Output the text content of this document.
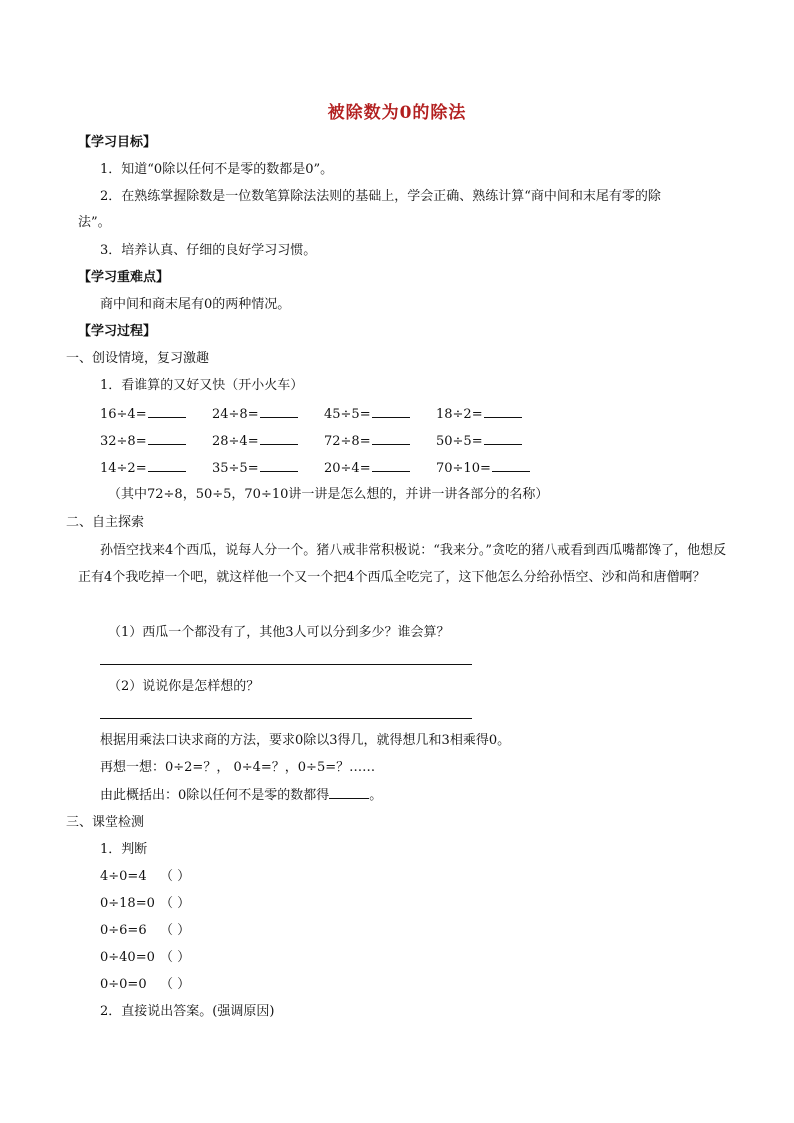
被除数为0的除法
【学习目标】
1．知道“0除以任何不是零的数都是0”。
2．在熟练掌握除数是一位数笔算除法法则的基础上，学会正确、熟练计算“商中间和末尾有零的除
法”。
3．培养认真、仔细的良好学习习惯。
【学习重难点】
商中间和商末尾有0的两种情况。
【学习过程】
一、创设情境，复习激趣
1．看谁算的又好又快（开小火车）
16÷4=	24÷8=	45÷5=	18÷2=
32÷8=	28÷4=	72÷8=	50÷5=
14÷2=	35÷5=	20÷4=	70÷10=
（其中72÷8，50÷5，70÷10讲一讲是怎么想的，并讲一讲各部分的名称）
二、自主探索
孙悟空找来4个西瓜，说每人分一个。猪八戒非常积极说：“我来分。”贪吃的猪八戒看到西瓜嘴都馋了，他想反正有4个我吃掉一个吧，就这样他一个又一个把4个西瓜全吃完了，这下他怎么分给孙悟空、沙和尚和唐僧啊？
（1）西瓜一个都没有了，其他3人可以分到多少？谁会算？
（2）说说你是怎样想的？
根据用乘法口诀求商的方法，要求0除以3得几，就得想几和3相乘得0。
再想一想：0÷2=？， 0÷4=？，0÷5=？……
由此概括出：0除以任何不是零的数都得	。
三、课堂检测
1．判断
4÷0=4 （ ）
0÷18=0 （ ）
0÷6=6 （ ）
0÷40=0 （ ）
0÷0=0 （ ）
2．直接说出答案。(强调原因)
